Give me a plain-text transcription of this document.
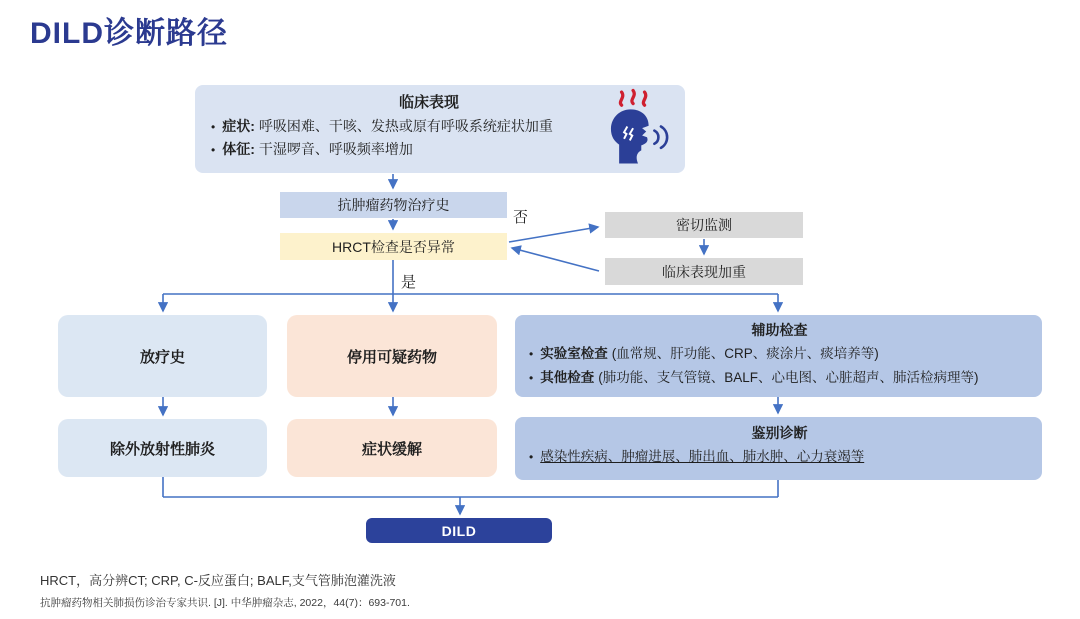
DILD诊断路径
临床表现
• 症状: 呼吸困难、干咳、发热或原有呼吸系统症状加重
• 体征: 干湿啰音、呼吸频率增加
抗肿瘤药物治疗史
HRCT检查是否异常
否
是
密切监测
临床表现加重
放疗史	停用可疑药物
辅助检查
• 实验室检查 (血常规、肝功能、CRP、痰涂片、痰培养等)
• 其他检查 (肺功能、支气管镜、BALF、心电图、心脏超声、肺活检病理等)
除外放射性肺炎	症状缓解
鉴别诊断
• 感染性疾病、肿瘤进展、肺出血、肺水肿、心力衰竭等
DILD
HRCT，高分辨CT; CRP, C-反应蛋白; BALF,支气管肺泡灌洗液
抗肿瘤药物相关肺损伤诊治专家共识. [J]. 中华肿瘤杂志, 2022，44(7)：693-701.
